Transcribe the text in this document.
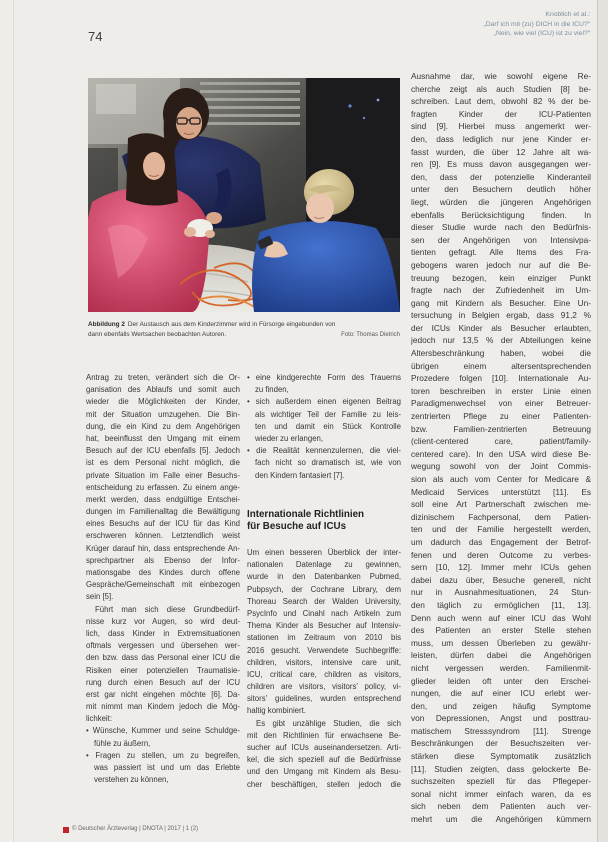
74
Knoblich et al.:
„Darf ich mit (zu) DICH in die ICU?“
„Nein, wie viel (ICU) ist zu viel?“
Abbildung 2 Der Austausch aus dem Kinderzimmer wird in Fürsorge eingebunden von
dann ebenfalls Wertsachen beobachten Autoren.	Foto: Thomas Dietrich
Antrag zu treten, verändert sich die Or-
ganisation des Ablaufs und somit auch
wieder die Möglichkeiten der Kinder,
mit der Situation umzugehen. Die Bin-
dung, die ein Kind zu dem Angehörigen
hat, beeinflusst den Umgang mit einem
Besuch auf der ICU ebenfalls [5]. Jedoch
ist es dem Personal nicht möglich, die
private Situation im Falle einer Besuchs-
entscheidung zu erfassen. Zu einem ange-
merkt werden, dass endgültige Entschei-
dungen im Familienalltag die Bewältigung
eines Besuchs auf der ICU für das Kind
erschweren können. Letztendlich weist
Krüger darauf hin, dass entsprechende An-
sprechpartner als Ebenso der Infor-
mationsgabe des Kindes durch offene
Gespräche/Gemeinschaft mit einbezogen
sein [5].
Führt man sich diese Grundbedürf-
nisse kurz vor Augen, so wird deut-
lich, dass Kinder in Extremsituationen
oftmals vergessen und übersehen wer-
den bzw. dass das Personal einer ICU die
Risiken einer potenziellen Traumatisie-
rung durch einen Besuch auf der ICU
erst gar nicht eingehen möchte [6]. Da-
mit nimmt man Kindern jedoch die Mög-
lichkeit:
• Wünsche, Kummer und seine Schuldge-
fühle zu äußern,
• Fragen zu stellen, um zu begreifen,
was passiert ist und um das Erlebte
verstehen zu können,
• eine kindgerechte Form des Trauerns
zu finden,
• sich außerdem einen eigenen Beitrag
als wichtiger Teil der Familie zu leis-
ten und damit ein Stück Kontrolle
wieder zu erlangen,
• die Realität kennenzulernen, die viel-
fach nicht so dramatisch ist, wie von
den Kindern fantasiert [7].
Internationale Richtlinien
für Besuche auf ICUs
Um einen besseren Überblick der inter-
nationalen Datenlage zu gewinnen,
wurde in den Datenbanken Pubmed,
Pubpsych, der Cochrane Library, dem
Thoreau Search der Walden University,
PsycInfo und Cinahl nach Artikeln zum
Thema Kinder als Besucher auf Intensiv-
stationen im Zeitraum von 2010 bis
2016 gesucht. Verwendete Suchbegriffe:
children, visitors, intensive care unit,
ICU, critical care, children as visitors,
children are visitors, visitors' policy, vi-
sitors' guidelines, wurden entsprechend
haltig kombiniert.
Es gibt unzählige Studien, die sich
mit den Richtlinien für erwachsene Be-
sucher auf ICUs auseinandersetzen. Arti-
kel, die sich speziell auf die Bedürfnisse
und den Umgang mit Kindern als Besu-
cher beschäftigen, stellen jedoch die
Ausnahme dar, wie sowohl eigene Re-
cherche zeigt als auch Studien [8] be-
schreiben. Laut dem, obwohl 82 % der be-
fragten Kinder der ICU-Patienten
sind [9]. Hierbei muss angemerkt wer-
den, dass lediglich nur jene Kinder er-
fasst wurden, die über 12 Jahre alt wa-
ren [9]. Es muss davon ausgegangen wer-
den, dass der potenzielle Kinderanteil
unter den Besuchern deutlich höher
liegt, würden die jüngeren Angehörigen
ebenfalls Berücksichtigung finden. In
dieser Studie wurde nach den Bedürfnis-
sen der Angehörigen von Intensivpa-
tienten gefragt. Alle Items des Fra-
gebogens waren jedoch nur auf die Be-
treuung bezogen, kein einziger Punkt
fragte nach der Zufriedenheit im Um-
gang mit Kindern als Besucher. Eine Un-
tersuchung in Belgien ergab, dass 91,2 %
der ICUs Kinder als Besucher erlaubten,
jedoch nur 13,5 % der Abteilungen keine
Altersbeschränkung haben, wobei die
übrigen einem altersentsprechenden
Prozedere folgen [10]. Internationale Au-
toren beschreiben in erster Linie einen
Paradigmenwechsel von einer Betreuer-
zentrierten Pflege zu einer Patienten-
bzw. Familien-zentrierten Betreuung
(client-centered care, patient/family-
centered care). In den USA wird diese Be-
wegung sowohl von der Joint Commis-
sion als auch vom Center for Medicare &
Medicaid Services unterstützt [11]. Es
soll eine Art Partnerschaft zwischen me-
dizinischem Fachpersonal, dem Patien-
ten und der Familie hergestellt werden,
um dadurch das Engagement der Betrof-
fenen und deren Outcome zu verbes-
sern [10, 12]. Immer mehr ICUs gehen
dabei dazu über, Besuche generell, nicht
nur in Ausnahmesituationen, 24 Stun-
den täglich zu ermöglichen [11, 13].
Denn auch wenn auf einer ICU das Wohl
des Patienten an erster Stelle stehen
muss, um dessen Überleben zu gewähr-
leisten, dürfen dabei die Angehörigen
nicht vergessen werden. Familienmit-
glieder leiden oft unter den Erschei-
nungen, die auf einer ICU erlebt wer-
den, und zeigen häufig Symptome
von Depressionen, Angst und posttrau-
matischem Stresssyndrom [11]. Strenge
Beschränkungen der Besuchszeiten ver-
stärken diese Symptomatik zusätzlich
[11]. Studien zeigten, dass gelockerte Be-
suchszeiten speziell für das Pflegeper-
sonal nicht immer einfach waren, da es
sich neben dem Patienten auch ver-
mehrt um die Angehörigen kümmern
© Deutscher Ärzteverlag | DNOTA | 2017 | 1 (2)
